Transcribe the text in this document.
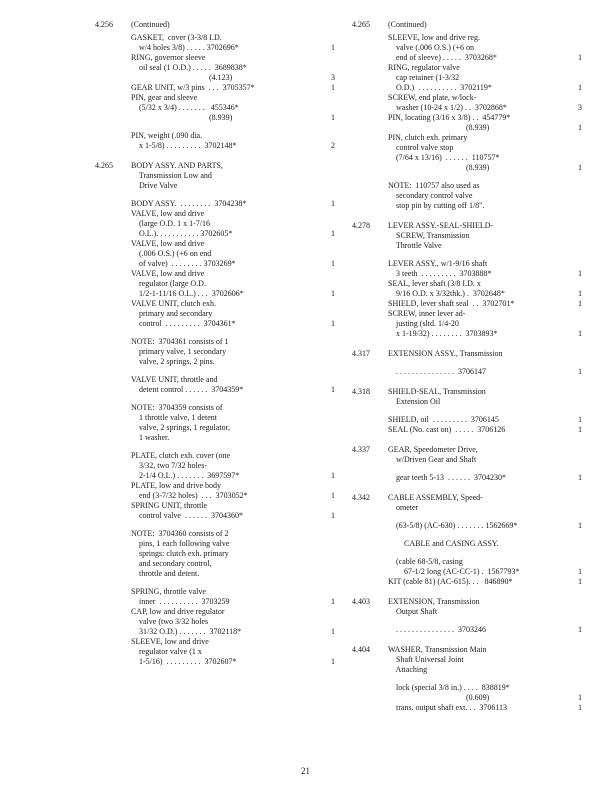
4.256 (Continued)
GASKET,  cover (3-3/8 I.D.
w/4 holes 3/8) . . . . . 3702696*	1
RING, governor sleeve
oil seal (1 O.D.) . . . . .  3689838*
(4.123)	3
GEAR UNIT, w/3 pins  . . .  3705357*	1
PIN, gear and sleeve
(5/32 x 3/4) . . . . . . .   455346*
(8.939)	1
PIN, weight (.090 dia.
x 1-5/8) . . . . . . . . .  3702148*	2
4.265 BODY ASSY. AND PARTS,
Transmission Low and
Drive Valve
BODY ASSY.  . . . . . . . .  3704238*	1
VALVE, low and drive
(large O.D. 1 x 1-7/16
O.L.). . . . . . . . . . . 3702605*	1
VALVE, low and drive
(.006 O.S.) (+6 on end
of valve)  . . . . . . . . 3703269*	1
VALVE, low and drive
regulator (large O.D.
1/2-1-11/16 O.L.) . . .  3702606*	1
VALVE UNIT, clutch exh.
primary and secondary
control  . . . . . . . . .  3704361*	1
NOTE:  3704361 consists of 1
primary valve, 1 secondary
valve, 2 springs, 2 pins.
VALVE UNIT, throttle and
detent control . . . . . .  3704359*	1
NOTE:  3704359 consists of
1 throttle valve, 1 detent
valve, 2 springs, 1 regulator,
1 washer.
PLATE, clutch exh. cover (one
3/32, two 7/32 holes-
2-1/4 O.L.) . . . . . . .  3697597*	1
PLATE, low and drive body
end (3-7/32 holes)  . . .  3703052*	1
SPRING UNIT, throttle
control valve  . . . . . .  3704360*	1
NOTE:  3704360 consists of 2
pins, 1 each following valve
springs: clutch exh. primary
and secondary control,
throttle and detent.
SPRING, throttle valve
inner  . . . . . . . . . .  3703259	1
CAP, low and drive regulator
valve (two 3/32 holes
31/32 O.D.) . . . . . . .  3702118*	1
SLEEVE, low and drive
regulator valve (1 x
1-5/16)  . . . . . . . . .  3702607*	1
4.265 (Continued)
SLEEVE, low and drive reg.
valve (.006 O.S.) (+6 on
end of sleeve) . . . . .  3703268*	1
RING, regulator valve
cap retainer (1-3/32
O.D.)  . . . . . . . . . .  3702119*	1
SCREW, end plate, w/lock-
washer (10-24 x 1/2) . .  3702868*	3
PIN, locating (3/16 x 3/8) . .  454779*
(8.939)	1
PIN, clutch exh. primary
control valve stop
(7/64 x 13/16)  . . . . . .  110757*
(8.939)	1
NOTE:  110757 also used as
secondary control valve
stop pin by cutting off 1/8".
4.278 LEVER ASSY.-SEAL-SHIELD-
SCREW, Transmission
Throttle Valve
LEVER ASSY., w/1-9/16 shaft
3 teeth  . . . . . . . . .  3703888*	1
SEAL, lever shaft (3/8 I.D. x
9/16 O.D. x 3/32thk.) .  3702648*	1
SHIELD, lever shaft seal  . .  3702701*	1
SCREW, inner lever ad-
justing (sltd. 1/4-20
x 1-19/32) . . . . . . . .  3703893*	1
4.317 EXTENSION ASSY., Transmission
. . . . . . . . . . . . . . .  3706147	1
4.318 SHIELD-SEAL, Transmission
Extension Oil
SHIELD, oil  . . . . . . . . .  3706145	1
SEAL (No. cast on)  . . . . .  3706126	1
4.337 GEAR, Speedometer Drive,
w/Driven Gear and Shaft
gear teeth 5-13  . . . . . .  3704230*	1
4.342 CABLE ASSEMBLY, Speed-
ometer
(63-5/8) (AC-630) . . . . . . . 1562669*	1
CABLE and CASING ASSY.
(cable 68-5/8, casing
67-1/2 long (AC-CC-1) .  1567793*	1
KIT (cable 81) (AC-615). . .   846890*	1
4.403 EXTENSION, Transmission
Output Shaft
. . . . . . . . . . . . . . .  3703246	1
4.404 WASHER, Transmission Main
Shaft Universal Joint
Attaching
lock (special 3/8 in.) . . . .  838819*
(0.609)	1
trans. output shaft ext. . .  3706113	1
21
